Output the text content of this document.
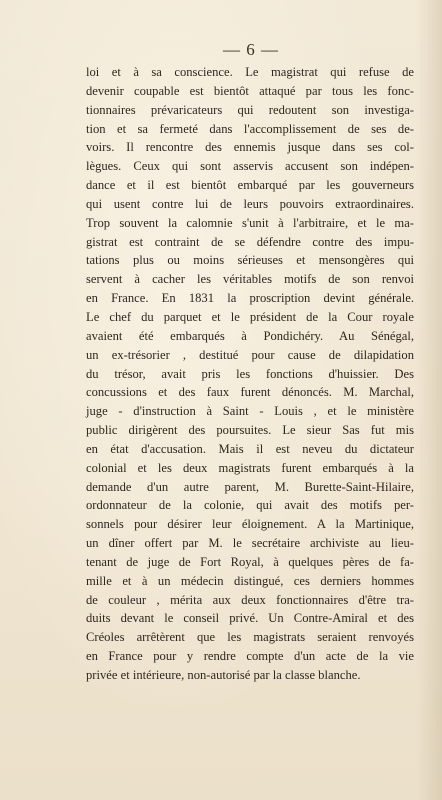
— 6 —
loi et à sa conscience. Le magistrat qui refuse de
devenir coupable est bientôt attaqué par tous les fonc-
tionnaires prévaricateurs qui redoutent son investiga-
tion et sa fermeté dans l'accomplissement de ses de-
voirs. Il rencontre des ennemis jusque dans ses col-
lègues. Ceux qui sont asservis accusent son indépen-
dance et il est bientôt embarqué par les gouverneurs
qui usent contre lui de leurs pouvoirs extraordinaires.
Trop souvent la calomnie s'unit à l'arbitraire, et le ma-
gistrat est contraint de se défendre contre des impu-
tations plus ou moins sérieuses et mensongères qui
servent à cacher les véritables motifs de son renvoi
en France. En 1831 la proscription devint générale.
Le chef du parquet et le président de la Cour royale
avaient été embarqués à Pondichéry. Au Sénégal,
un ex-trésorier , destitué pour cause de dilapidation
du trésor, avait pris les fonctions d'huissier. Des
concussions et des faux furent dénoncés. M. Marchal,
juge - d'instruction à Saint - Louis , et le ministère
public dirigèrent des poursuites. Le sieur Sas fut mis
en état d'accusation. Mais il est neveu du dictateur
colonial et les deux magistrats furent embarqués à la
demande d'un autre parent, M. Burette-Saint-Hilaire,
ordonnateur de la colonie, qui avait des motifs per-
sonnels pour désirer leur éloignement. A la Martinique,
un dîner offert par M. le secrétaire archiviste au lieu-
tenant de juge de Fort Royal, à quelques pères de fa-
mille et à un médecin distingué, ces derniers hommes
de couleur , mérita aux deux fonctionnaires d'être tra-
duits devant le conseil privé. Un Contre-Amiral et des
Créoles arrêtèrent que les magistrats seraient renvoyés
en France pour y rendre compte d'un acte de la vie
privée et intérieure, non-autorisé par la classe blanche.
